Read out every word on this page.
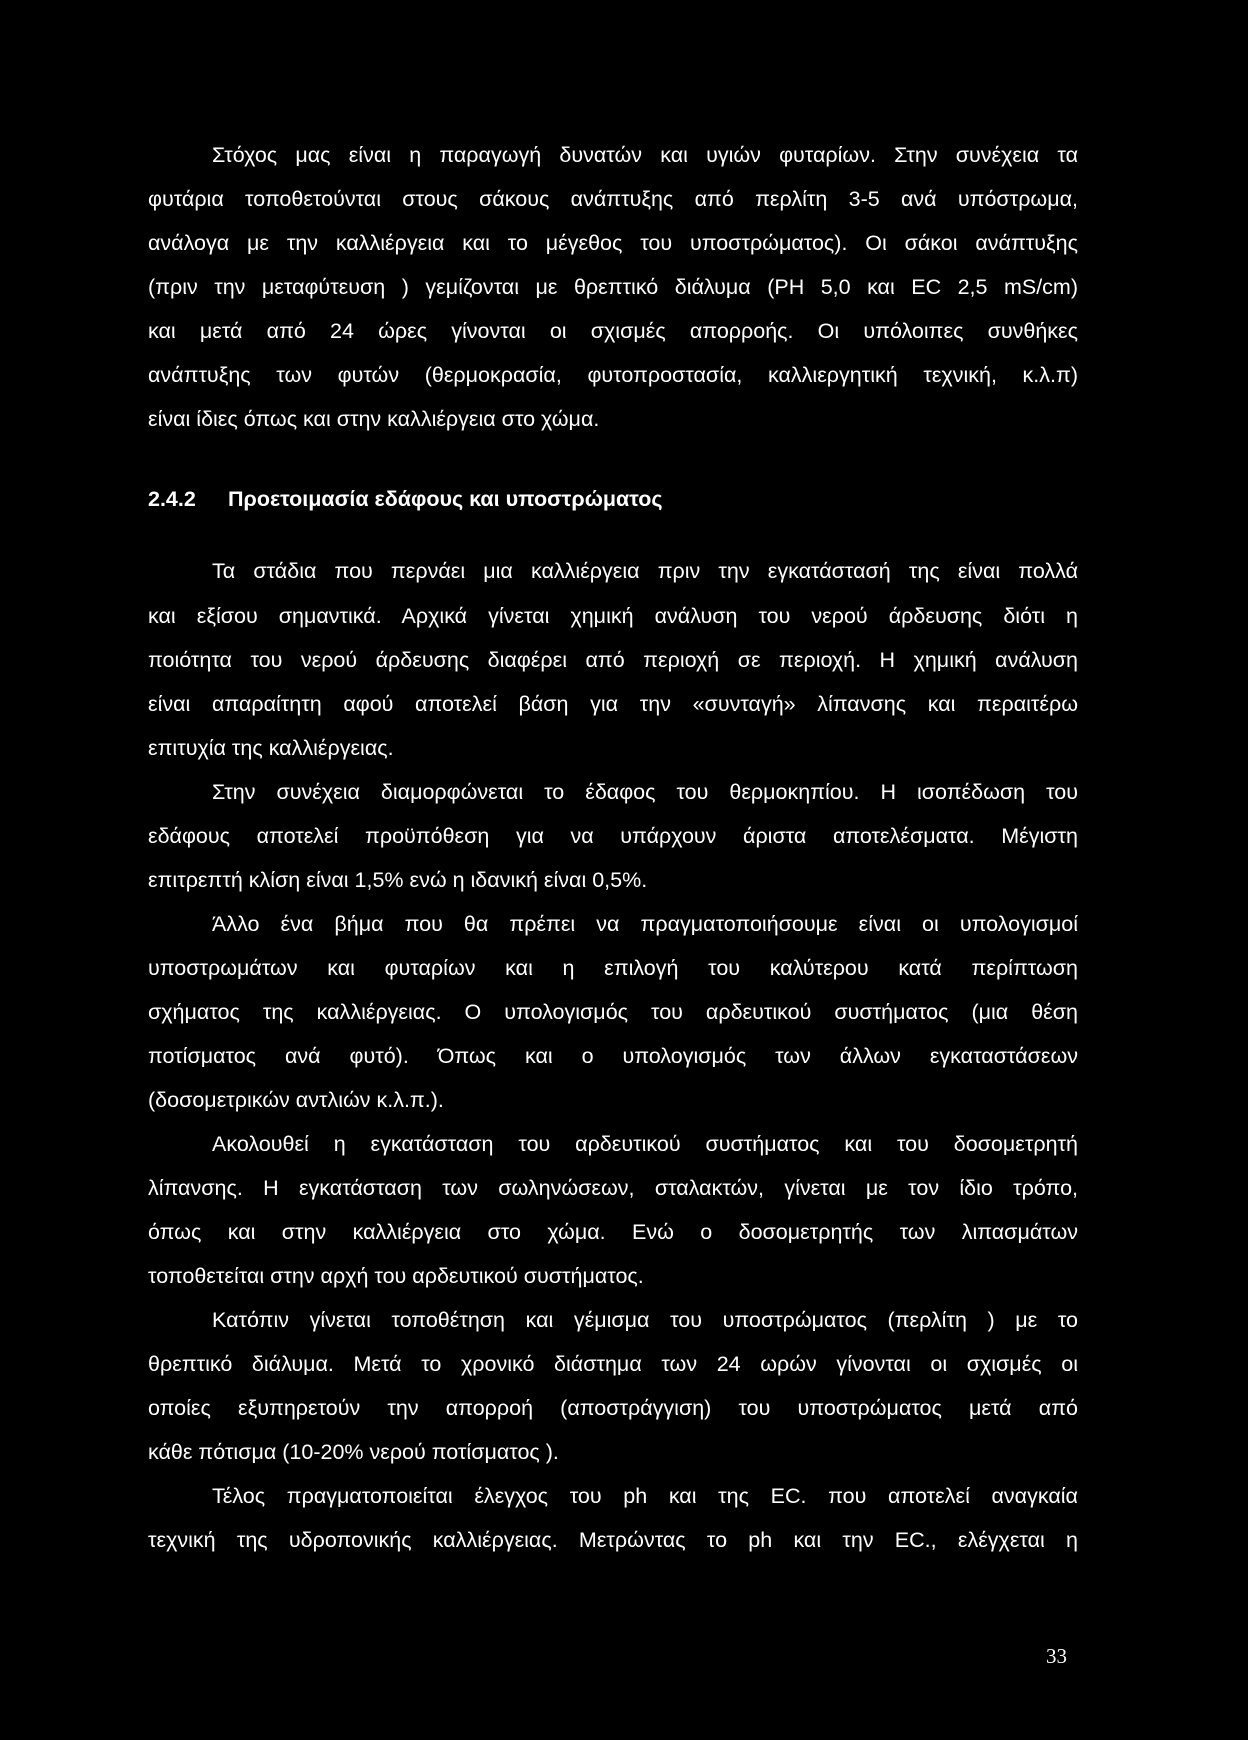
Στόχος μας είναι η παραγωγή δυνατών και υγιών φυταρίων. Στην συνέχεια τα
φυτάρια τοποθετούνται στους σάκους ανάπτυξης από περλίτη 3-5 ανά υπόστρωμα,
ανάλογα με την καλλιέργεια και το μέγεθος του υποστρώματος). Οι σάκοι ανάπτυξης
(πριν την μεταφύτευση ) γεμίζονται με θρεπτικό διάλυμα (PH 5,0 και EC 2,5 mS/cm)
και μετά από 24 ώρες γίνονται οι σχισμές απορροής. Οι υπόλοιπες συνθήκες
ανάπτυξης των φυτών (θερμοκρασία, φυτοπροστασία, καλλιεργητική τεχνική, κ.λ.π)
είναι ίδιες όπως και στην καλλιέργεια στο χώμα.
2.4.2 Προετοιμασία εδάφους και υποστρώματος
Τα στάδια που περνάει μια καλλιέργεια πριν την εγκατάστασή της είναι πολλά
και εξίσου σημαντικά. Αρχικά γίνεται χημική ανάλυση του νερού άρδευσης διότι η
ποιότητα του νερού άρδευσης διαφέρει από περιοχή σε περιοχή. Η χημική ανάλυση
είναι απαραίτητη αφού αποτελεί βάση για την «συνταγή» λίπανσης και περαιτέρω
επιτυχία της καλλιέργειας.
Στην συνέχεια διαμορφώνεται το έδαφος του θερμοκηπίου. Η ισοπέδωση του
εδάφους αποτελεί προϋπόθεση για να υπάρχουν άριστα αποτελέσματα. Μέγιστη
επιτρεπτή κλίση είναι 1,5% ενώ η ιδανική είναι 0,5%.
Άλλο ένα βήμα που θα πρέπει να πραγματοποιήσουμε είναι οι υπολογισμοί
υποστρωμάτων και φυταρίων και η επιλογή του καλύτερου κατά περίπτωση
σχήματος της καλλιέργειας. Ο υπολογισμός του αρδευτικού συστήματος (μια θέση
ποτίσματος ανά φυτό). Όπως και ο υπολογισμός των άλλων εγκαταστάσεων
(δοσομετρικών αντλιών κ.λ.π.).
Ακολουθεί η εγκατάσταση του αρδευτικού συστήματος και του δοσομετρητή
λίπανσης. Η εγκατάσταση των σωληνώσεων, σταλακτών, γίνεται με τον ίδιο τρόπο,
όπως και στην καλλιέργεια στο χώμα. Ενώ ο δοσομετρητής των λιπασμάτων
τοποθετείται στην αρχή του αρδευτικού συστήματος.
Κατόπιν γίνεται τοποθέτηση και γέμισμα του υποστρώματος (περλίτη ) με το
θρεπτικό διάλυμα. Μετά το χρονικό διάστημα των 24 ωρών γίνονται οι σχισμές οι
οποίες εξυπηρετούν την απορροή (αποστράγγιση) του υποστρώματος μετά από
κάθε πότισμα (10-20% νερού ποτίσματος ).
Τέλος πραγματοποιείται έλεγχος του ph και της EC. που αποτελεί αναγκαία
τεχνική της υδροπονικής καλλιέργειας. Μετρώντας το ph και την EC., ελέγχεται η
33
